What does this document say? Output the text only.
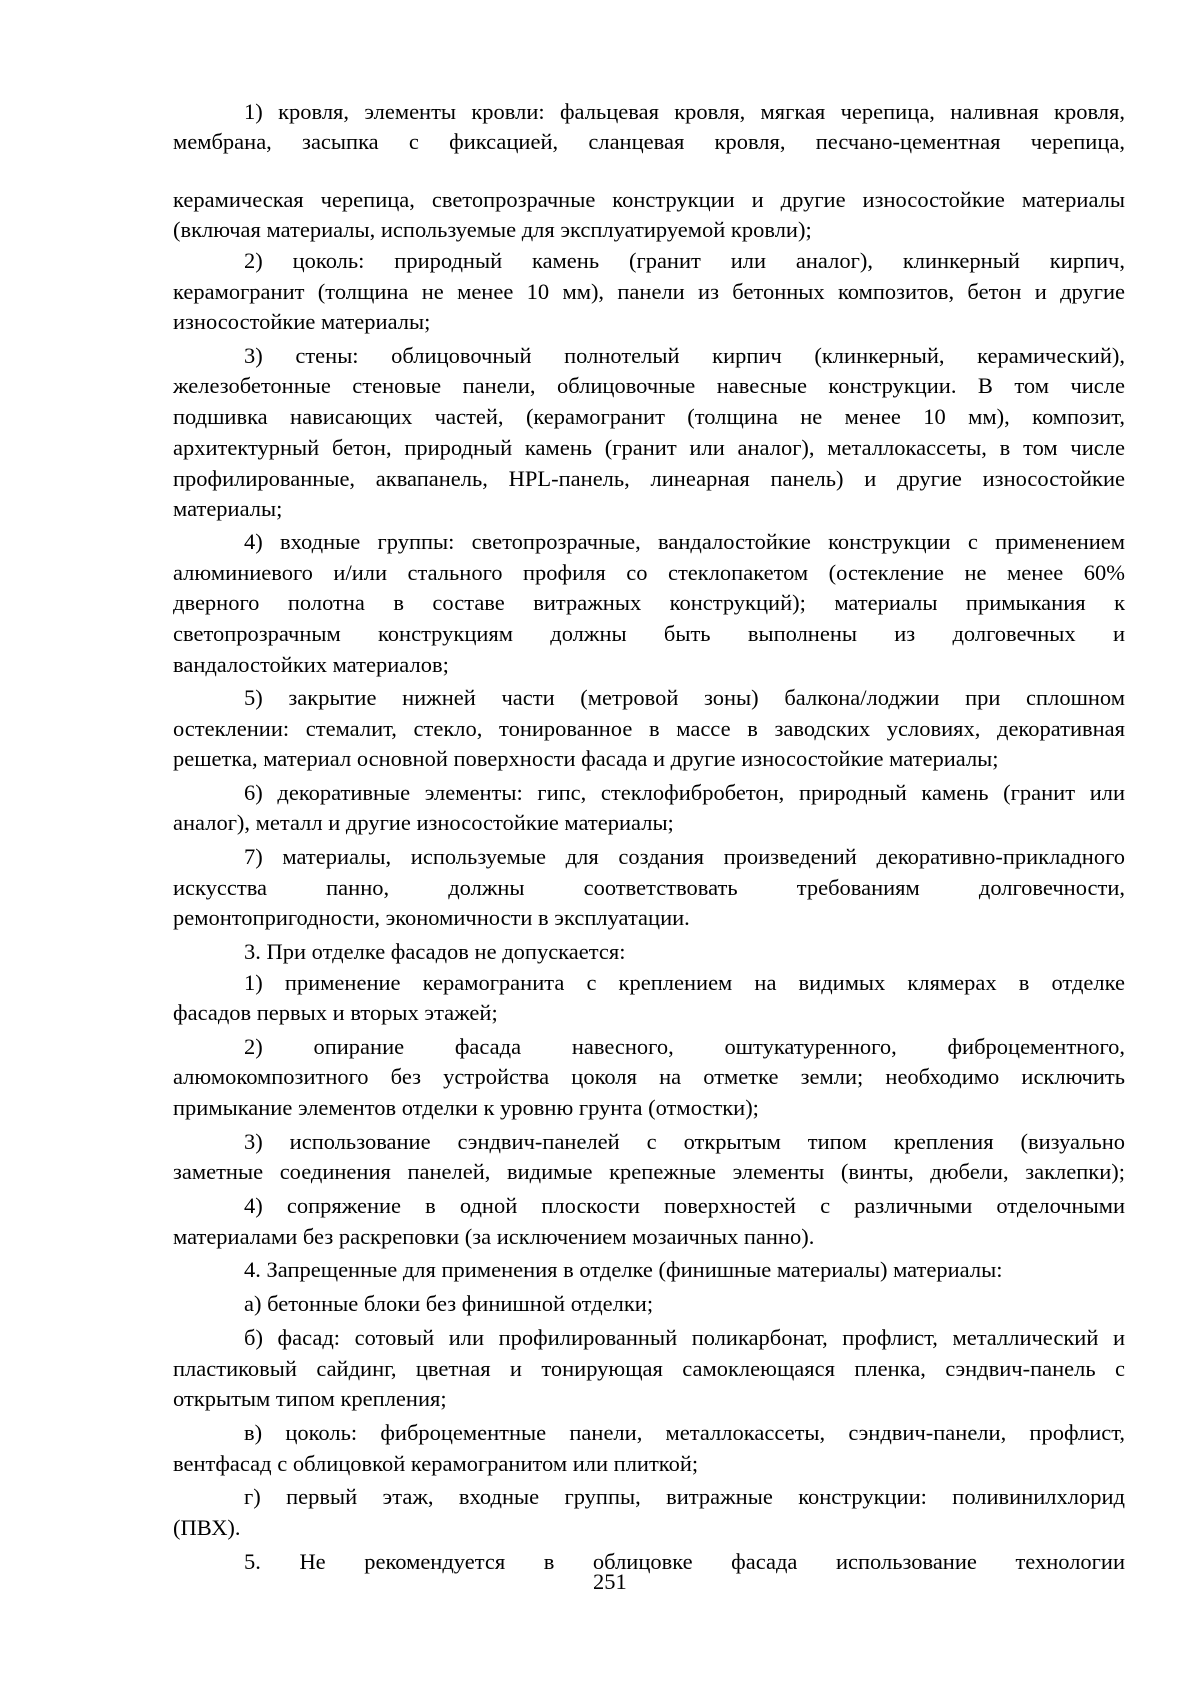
1) кровля, элементы кровли: фальцевая кровля, мягкая черепица, наливная кровля,
мембрана, засыпка с фиксацией, сланцевая кровля, песчано-цементная черепица,
керамическая черепица, светопрозрачные конструкции и другие износостойкие материалы
(включая материалы, используемые для эксплуатируемой кровли);
2) цоколь: природный камень (гранит или аналог), клинкерный кирпич,
керамогранит (толщина не менее 10 мм), панели из бетонных композитов, бетон и другие
износостойкие материалы;
3) стены: облицовочный полнотелый кирпич (клинкерный, керамический),
железобетонные стеновые панели, облицовочные навесные конструкции. В том числе
подшивка нависающих частей, (керамогранит (толщина не менее 10 мм), композит,
архитектурный бетон, природный камень (гранит или аналог), металлокассеты, в том числе
профилированные, аквапанель, HPL-панель, линеарная панель) и другие износостойкие
материалы;
4) входные группы: светопрозрачные, вандалостойкие конструкции с применением
алюминиевого и/или стального профиля со стеклопакетом (остекление не менее 60%
дверного полотна в составе витражных конструкций); материалы примыкания к
светопрозрачным конструкциям должны быть выполнены из долговечных и
вандалостойких материалов;
5) закрытие нижней части (метровой зоны) балкона/лоджии при сплошном
остеклении: стемалит, стекло, тонированное в массе в заводских условиях, декоративная
решетка, материал основной поверхности фасада и другие износостойкие материалы;
6) декоративные элементы: гипс, стеклофибробетон, природный камень (гранит или
аналог), металл и другие износостойкие материалы;
7) материалы, используемые для создания произведений декоративно-прикладного
искусства панно, должны соответствовать требованиям долговечности,
ремонтопригодности, экономичности в эксплуатации.
3. При отделке фасадов не допускается:
1) применение керамогранита с креплением на видимых клямерах в отделке
фасадов первых и вторых этажей;
2) опирание фасада навесного, оштукатуренного, фиброцементного,
алюмокомпозитного без устройства цоколя на отметке земли; необходимо исключить
примыкание элементов отделки к уровню грунта (отмостки);
3) использование сэндвич-панелей с открытым типом крепления (визуально
заметные соединения панелей, видимые крепежные элементы (винты, дюбели, заклепки);
4) сопряжение в одной плоскости поверхностей с различными отделочными
материалами без раскреповки (за исключением мозаичных панно).
4. Запрещенные для применения в отделке (финишные материалы) материалы:
а) бетонные блоки без финишной отделки;
б) фасад: сотовый или профилированный поликарбонат, профлист, металлический и
пластиковый сайдинг, цветная и тонирующая самоклеющаяся пленка, сэндвич-панель с
открытым типом крепления;
в) цоколь: фиброцементные панели, металлокассеты, сэндвич-панели, профлист,
вентфасад с облицовкой керамогранитом или плиткой;
г) первый этаж, входные группы, витражные конструкции: поливинилхлорид
(ПВХ).
5. Не рекомендуется в облицовке фасада использование технологии
251
